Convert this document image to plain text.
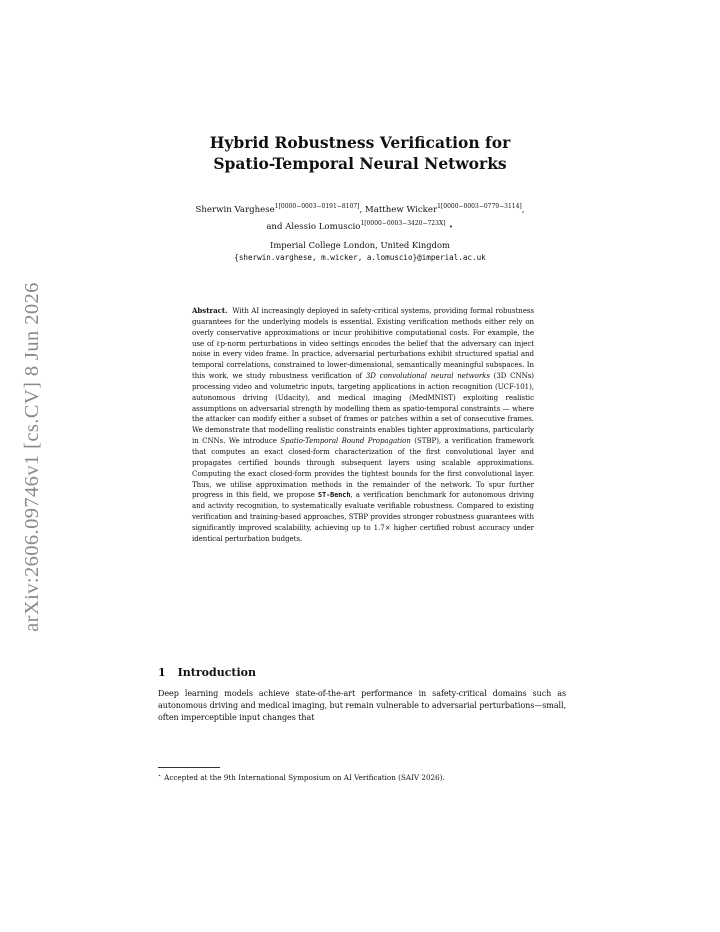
arXiv:2606.09746v1 [cs.CV] 8 Jun 2026
Hybrid Robustness Verification for
Spatio-Temporal Neural Networks
Sherwin Varghese$^{1[0000-0003-0191-8107]}$, Matthew Wicker$^{1[0000-0003-0779-3114]}$,
and Alessio Lomuscio$^{1[0000-0003-3420-723X]}$ ⋆
Imperial College London, United Kingdom
{sherwin.varghese, m.wicker, a.lomuscio}@imperial.ac.uk
Abstract. With AI increasingly deployed in safety-critical systems, providing formal robustness guarantees for the underlying models is essential. Existing verification methods either rely on overly conservative approximations or incur prohibitive computational costs. For example, the use of ℓp-norm perturbations in video settings encodes the belief that the adversary can inject noise in every video frame. In practice, adversarial perturbations exhibit structured spatial and temporal correlations, constrained to lower-dimensional, semantically meaningful subspaces. In this work, we study robustness verification of 3D convolutional neural networks (3D CNNs) processing video and volumetric inputs, targeting applications in action recognition (UCF-101), autonomous driving (Udacity), and medical imaging (MedMNIST) exploiting realistic assumptions on adversarial strength by modelling them as spatio-temporal constraints — where the attacker can modify either a subset of frames or patches within a set of consecutive frames. We demonstrate that modelling realistic constraints enables tighter approximations, particularly in CNNs. We introduce Spatio-Temporal Bound Propagation (STBP), a verification framework that computes an exact closed-form characterization of the first convolutional layer and propagates certified bounds through subsequent layers using scalable approximations. Computing the exact closed-form provides the tightest bounds for the first convolutional layer. Thus, we utilise approximation methods in the remainder of the network. To spur further progress in this field, we propose ST-Bench, a verification benchmark for autonomous driving and activity recognition, to systematically evaluate verifiable robustness. Compared to existing verification and training-based approaches, STBP provides stronger robustness guarantees with significantly improved scalability, achieving up to 1.7× higher certified robust accuracy under identical perturbation budgets.
1 Introduction
Deep learning models achieve state-of-the-art performance in safety-critical domains such as autonomous driving and medical imaging, but remain vulnerable to adversarial perturbations—small, often imperceptible input changes that
⋆ Accepted at the 9th International Symposium on AI Verification (SAIV 2026).
